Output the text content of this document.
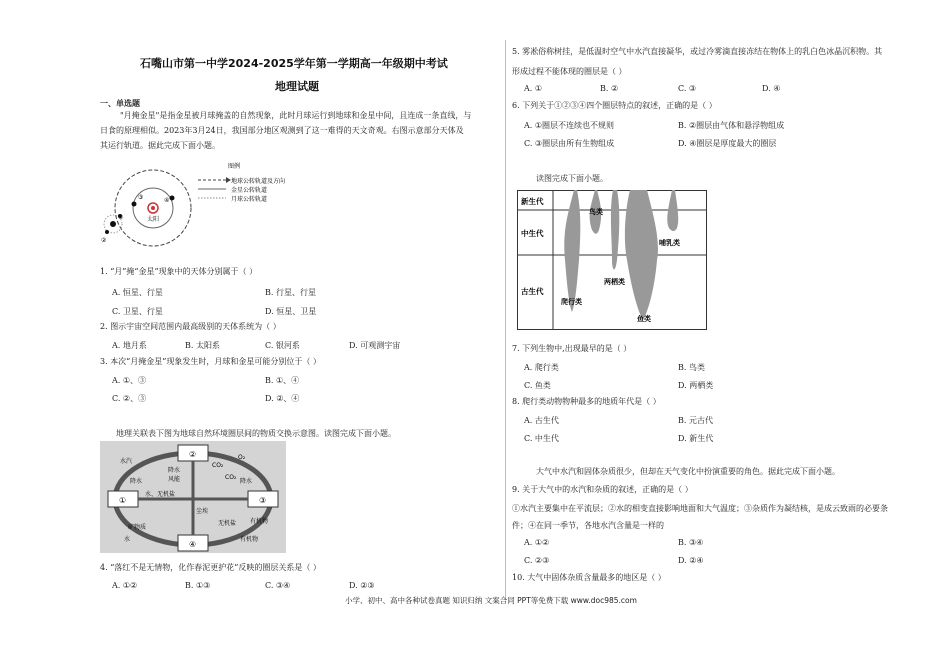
石嘴山市第一中学2024-2025学年第一学期高一年级期中考试
地理试题
一、单选题
"月掩金星"是指金星被月球掩盖的自然现象，此时月球运行到地球和金星中间，且连成一条直线，与
日食的原理相似。2023年3月24日，我国部分地区观测到了这一难得的天文奇观。右图示意部分天体及
其运行轨道。据此完成下面小题。
太阳
①
②
③	④
图例
地球公转轨道及方向
金星公转轨道
月球公转轨道
1. “月”掩“金星”现象中的天体分别属于（ ）
A. 恒星、行星	B. 行星、行星
C. 卫星、行星	D. 恒星、卫星
2. 图示宇宙空间范围内最高级别的天体系统为（ ）
A. 地月系	B. 太阳系	C. 银河系	D. 可观测宇宙
3. 本次“月掩金星”现象发生时，月球和金星可能分别位于（ ）
A. ①、③	B. ①、④
C. ②、③	D. ②、④
地理关联表下图为地球自然环境圈层间的物质交换示意图。读图完成下面小题。
②
①	③
④
水汽
降水
降水	风能
水、无机盐
CO₂
O₂
CO₂
降水
尘埃
有机物
无机盐
矿物质
水	有机物
4. “落红不是无情物，化作春泥更护花”反映的圈层关系是（ ）
A. ①②	B. ①③	C. ③④	D. ②③
5. 雾凇俗称树挂，是低温时空气中水汽直接凝华，或过冷雾滴直接冻结在物体上的乳白色冰晶沉积物。其
形成过程不能体现的圈层是（ ）
A. ①	B. ②	C. ③	D. ④
6. 下列关于①②③④四个圈层特点的叙述，正确的是（ ）
A. ①圈层不连续也不规则	B. ②圈层由气体和悬浮物组成
C. ③圈层由所有生物组成	D. ④圈层是厚度最大的圈层
读图完成下面小题。
新生代
中生代
古生代
鸟类
哺乳类
爬行类
两栖类
鱼类
7. 下列生物中,出现最早的是（ ）
A. 爬行类	B. 鸟类
C. 鱼类	D. 两栖类
8. 爬行类动物物种最多的地质年代是（ ）
A. 古生代	B. 元古代
C. 中生代	D. 新生代
大气中水汽和固体杂质很少，但却在天气变化中扮演重要的角色。据此完成下面小题。
9. 关于大气中的水汽和杂质的叙述，正确的是（ ）
①水汽主要集中在平流层；②水的相变直接影响地面和大气温度；③杂质作为凝结核，是成云致雨的必要条
件；④在同一季节，各地水汽含量是一样的
A. ①②	B. ③④
C. ②③	D. ②④
10. 大气中固体杂质含量最多的地区是（ ）
小学、初中、高中各种试卷真题 知识归纳 文案合同 PPT等免费下载 www.doc985.com
